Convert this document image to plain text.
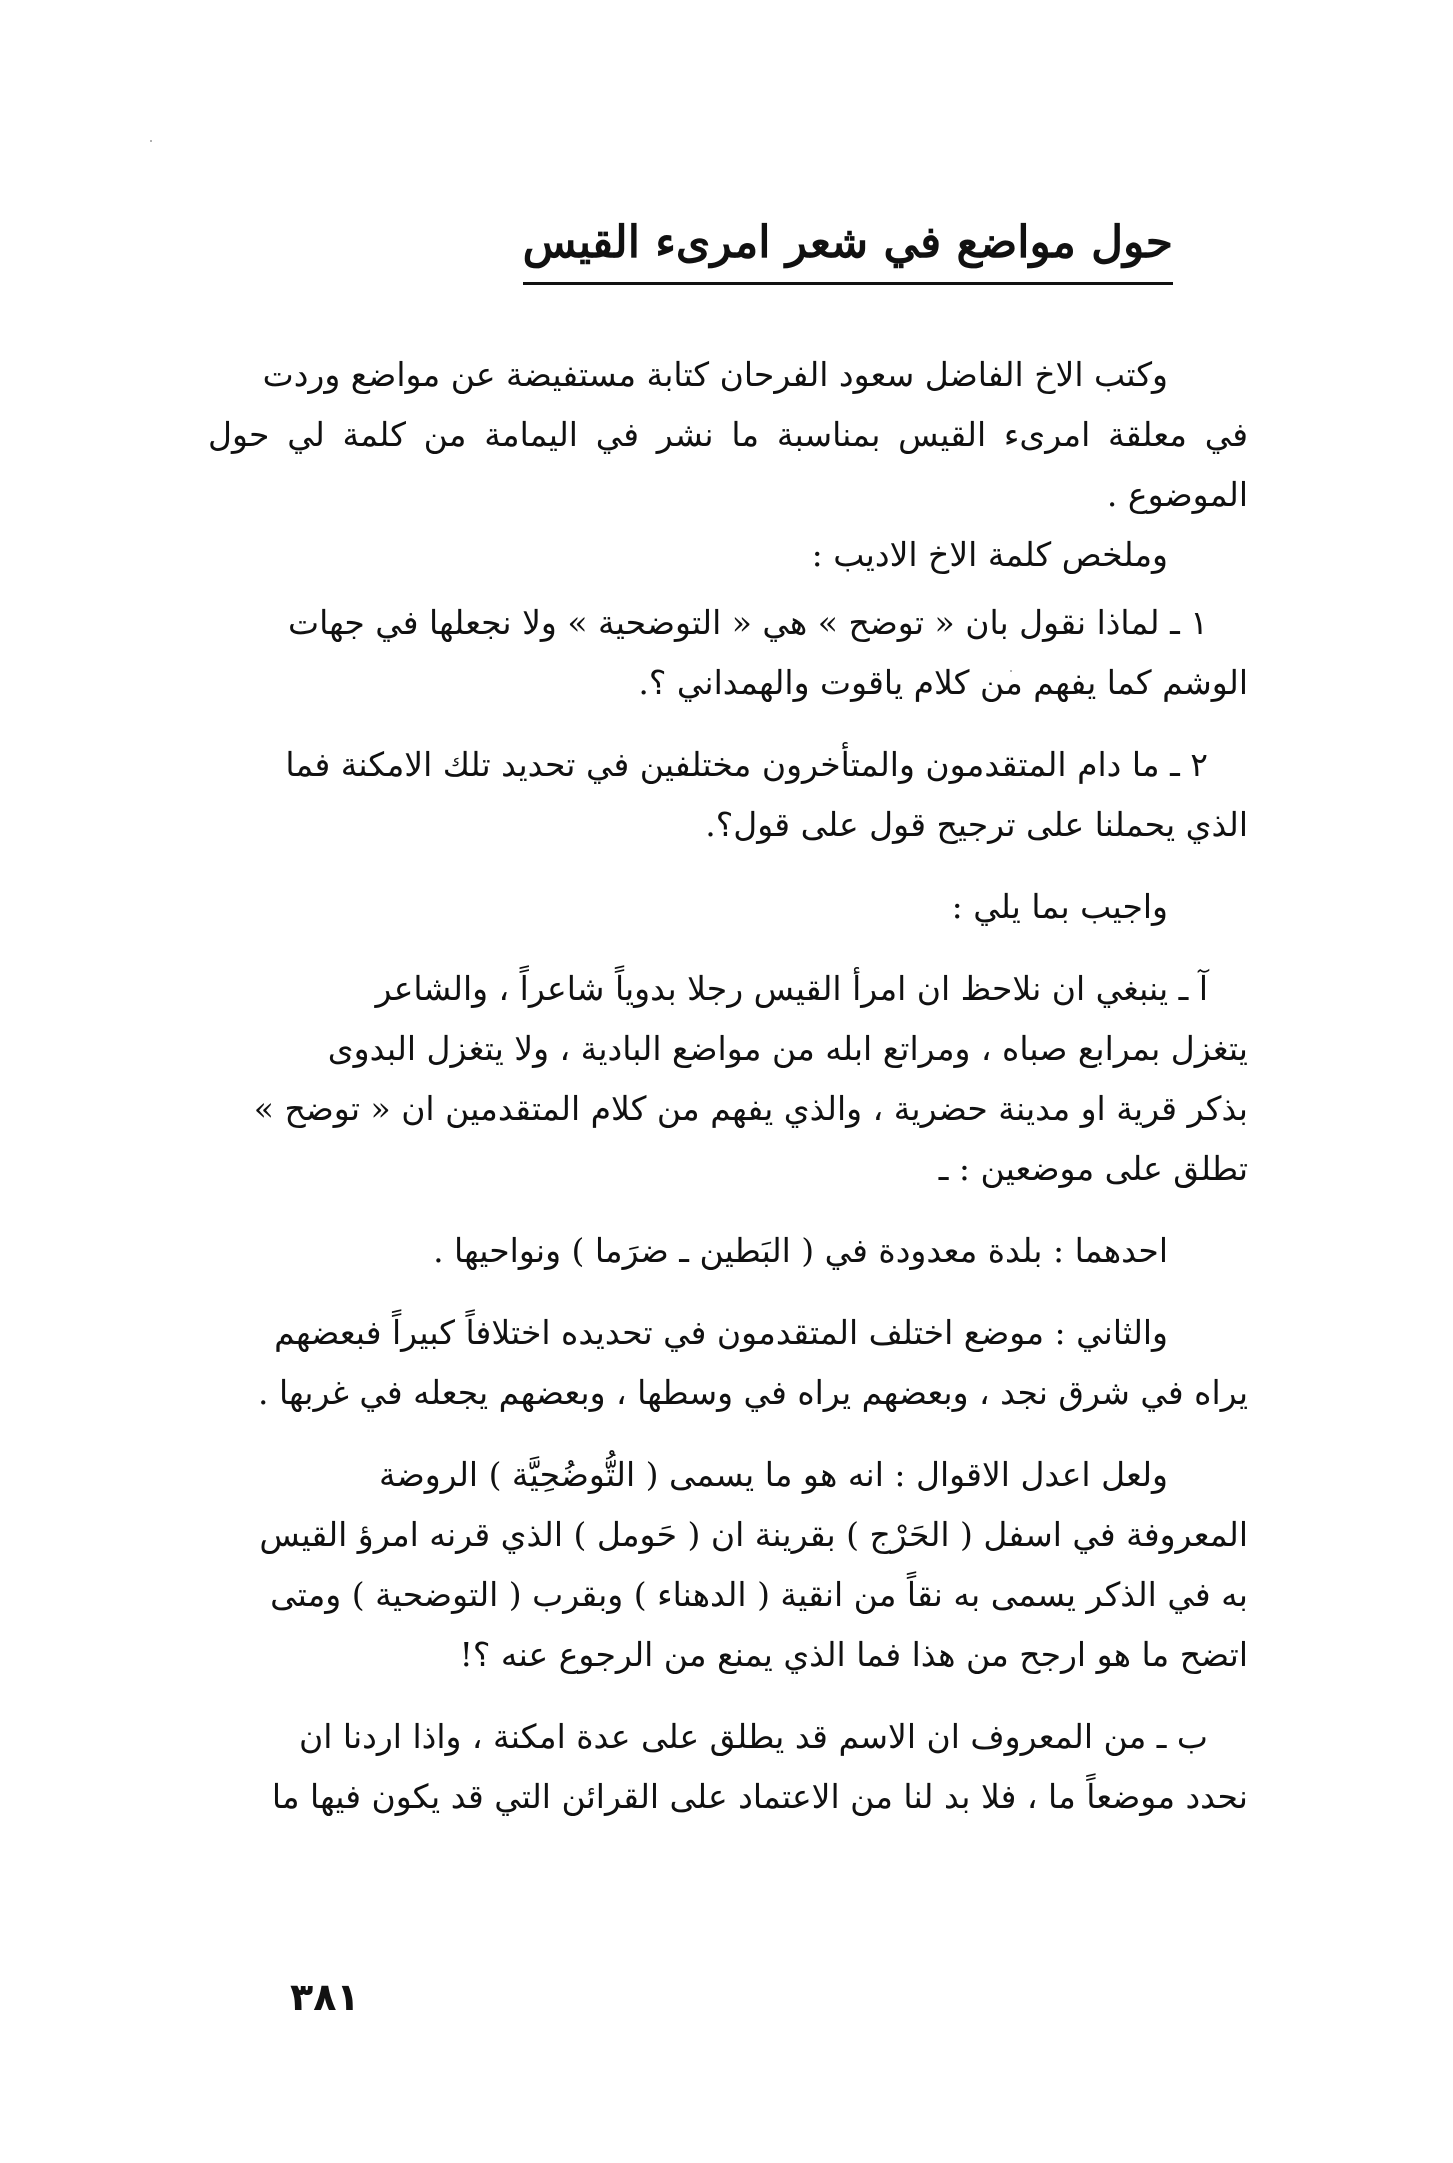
حول مواضع في شعر امرىء القيس

وكتب الاخ الفاضل سعود الفرحان كتابة مستفيضة عن مواضع وردت
في معلقة امرىء القيس بمناسبة ما نشر في اليمامة من كلمة لي حول الموضوع .
وملخص كلمة الاخ الاديب :

١ ـ لماذا نقول بان « توضح » هي « التوضحية » ولا نجعلها في جهات
الوشم كما يفهم من كلام ياقوت والهمداني ؟.

٢ ـ ما دام المتقدمون والمتأخرون مختلفين في تحديد تلك الامكنة فما
الذي يحملنا على ترجيح قول على قول؟.

واجيب بما يلي :

آ ـ ينبغي ان نلاحظ ان امرأ القيس رجلا بدوياً شاعراً ، والشاعر
يتغزل بمرابع صباه ، ومراتع ابله من مواضع البادية ، ولا يتغزل البدوى
بذكر قرية او مدينة حضرية ، والذي يفهم من كلام المتقدمين ان « توضح »
تطلق على موضعين : ـ

احدهما : بلدة معدودة في ( البَطين ـ ضرَما ) ونواحيها .

والثاني : موضع اختلف المتقدمون في تحديده اختلافاً كبيراً فبعضهم
يراه في شرق نجد ، وبعضهم يراه في وسطها ، وبعضهم يجعله في غربها .

ولعل اعدل الاقوال : انه هو ما يسمى ( التُّوضُحِيَّة ) الروضة
المعروفة في اسفل ( الحَرْج ) بقرينة ان ( حَومل ) الذي قرنه امرؤ القيس
به في الذكر يسمى به نقاً من انقية ( الدهناء ) وبقرب ( التوضحية ) ومتى
اتضح ما هو ارجح من هذا فما الذي يمنع من الرجوع عنه ؟!

ب ـ من المعروف ان الاسم قد يطلق على عدة امكنة ، واذا اردنا ان
نحدد موضعاً ما ، فلا بد لنا من الاعتماد على القرائن التي قد يكون فيها ما

٣٨١
